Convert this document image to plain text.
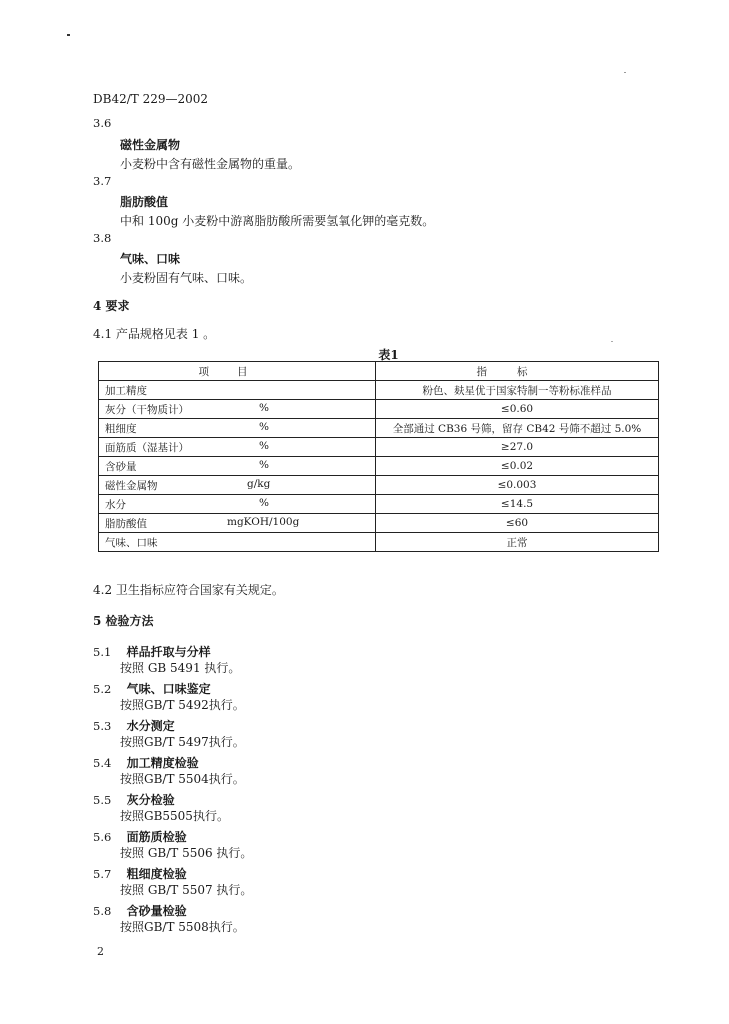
DB42/T 229—2002
3.6
磁性金属物
小麦粉中含有磁性金属物的重量。
3.7
脂肪酸值
中和 100g 小麦粉中游离脂肪酸所需要氢氧化钾的毫克数。
3.8
气味、口味
小麦粉固有气味、口味。
4 要求
4.1 产品规格见表 1 。
表1
项目	指标
加工精度	粉色、麸星优于国家特制一等粉标准样品
灰分（干物质计） %	≤0.60
粗细度 %	全部通过 CB36 号筛，留存 CB42 号筛不超过 5.0%
面筋质（湿基计） %	≥27.0
含砂量 %	≤0.02
磁性金属物 g/kg	≤0.003
水分 %	≤14.5
脂肪酸值 mgKOH/100g	≤60
气味、口味	正常
4.2 卫生指标应符合国家有关规定。
5 检验方法
5.1 样品扦取与分样
按照 GB 5491 执行。
5.2 气味、口味鉴定
按照GB/T 5492执行。
5.3 水分测定
按照GB/T 5497执行。
5.4 加工精度检验
按照GB/T 5504执行。
5.5 灰分检验
按照GB5505执行。
5.6 面筋质检验
按照 GB/T 5506 执行。
5.7 粗细度检验
按照 GB/T 5507 执行。
5.8 含砂量检验
按照GB/T 5508执行。
2
